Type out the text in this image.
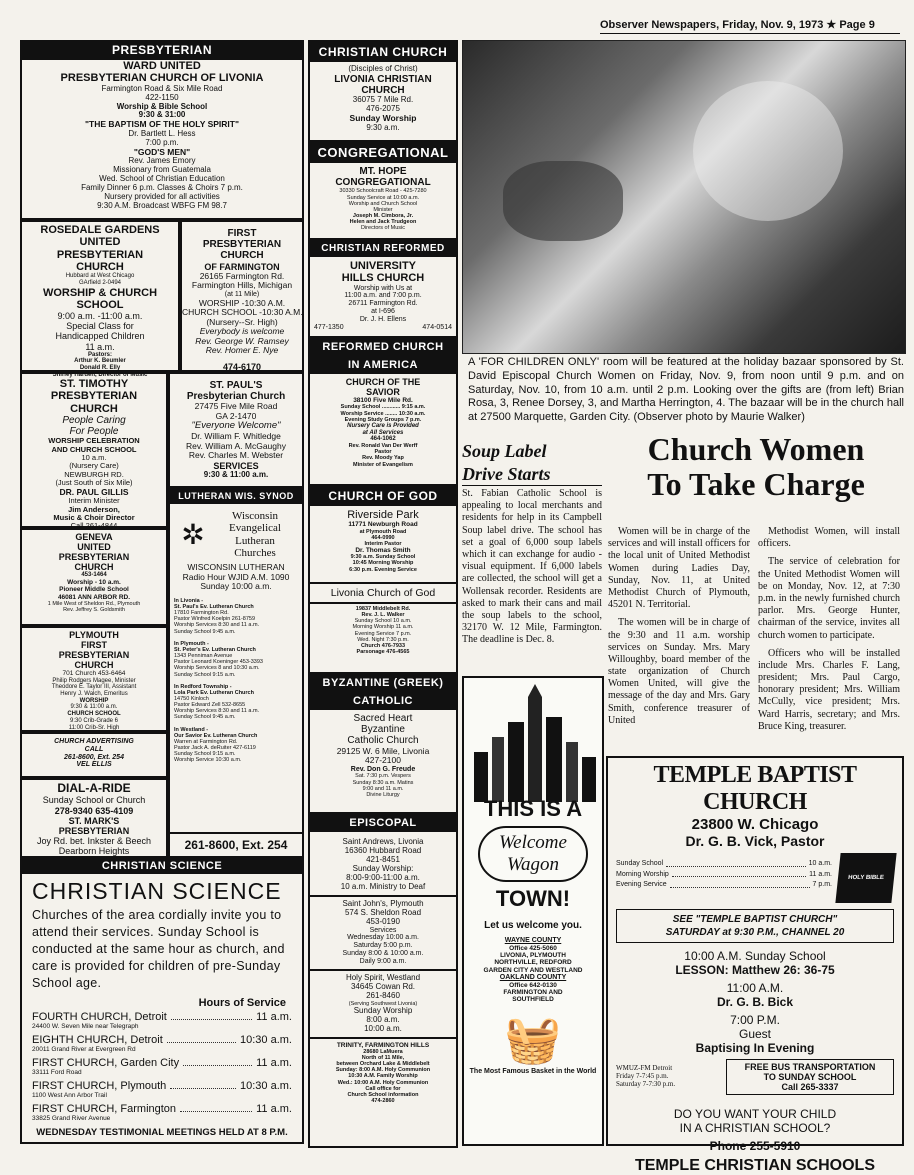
Observer Newspapers, Friday, Nov. 9, 1973 ★ Page 9
PRESBYTERIAN
WARD UNITED
PRESBYTERIAN CHURCH OF LIVONIA
Farmington Road & Six Mile Road
422-1150
Worship & Bible School
9:30 & 31:00
"THE BAPTISM OF THE HOLY SPIRIT"
Dr. Bartlett L. Hess
7:00 p.m.
"GOD'S MEN"
Rev. James Emory
Missionary from Guatemala
Wed. School of Christian Education
Family Dinner 6 p.m. Classes & Choirs 7 p.m.
Nursery provided for all activities
9:30 A.M. Broadcast WBFG FM 98.7
ROSEDALE GARDENS
UNITED
PRESBYTERIAN
CHURCH
Hubbard at West Chicago
GArfield 2-0494
WORSHIP & CHURCH
SCHOOL
9:00 a.m. -11:00 a.m.
Special Class for
Handicapped Children
11 a.m.
Pastors:
Arthur K. Beumler
Donald R. Elly
Shirley Harden, Director of Music
FIRST
PRESBYTERIAN
CHURCH
OF FARMINGTON
26165 Farmington Rd.
Farmington Hills, Michigan
(at 11 Mile)
WORSHIP -10:30 A.M.
CHURCH SCHOOL -10:30 A.M.
(Nursery--Sr. High)
Everybody is welcome
Rev. George W. Ramsey
Rev. Homer E. Nye
474-6170
ST. TIMOTHY
PRESBYTERIAN
CHURCH
People Caring
For People
WORSHIP CELEBRATION
AND CHURCH SCHOOL
10 a.m.
(Nursery Care)
NEWBURGH RD.
(Just South of Six Mile)
DR. PAUL GILLIS
Interim Minister
Jim Anderson,
Music & Choir Director
Call 261-4844
ST. PAUL'S
Presbyterian Church
27475 Five Mile Road
GA 2-1470
"Everyone Welcome"
Dr. William F. Whitledge
Rev. William A. McGaughy
Rev. Charles M. Webster
SERVICES
9:30 & 11:00 a.m.
GENEVA
UNITED
PRESBYTERIAN
CHURCH
453-1464
Worship - 10 a.m.
Pioneer Middle School
46081 ANN ARBOR RD.
1 Mile West of Sheldon Rd., Plymouth
Rev. Jeffrey S. Goldsmith
PLYMOUTH
FIRST
PRESBYTERIAN
CHURCH
701 Church 453-6464
Philip Rodgers Magee, Minister
Theodore E. Taylor III, Assistant
Henry J. Walch, Emeritus
WORSHIP
9:30 & 11:00 a.m.
CHURCH SCHOOL
9:30 Crib-Grade 6
11:00 Crib-Sr. High
CHURCH ADVERTISING
CALL
261-8600, Ext. 254
VEL ELLIS
DIAL-A-RIDE
Sunday School or Church
278-9340 635-4109
ST. MARK'S
PRESBYTERIAN
Joy Rd. bet. Inkster & Beech
Dearborn Heights
LUTHERAN WIS. SYNOD
✲
Wisconsin
Evangelical
Lutheran
Churches
WISCONSIN LUTHERAN
Radio Hour WJID A.M. 1090
Sunday 10:00 a.m.
In Livonia -
St. Paul's Ev. Lutheran Church
17810 Farmington Rd.
Pastor Winfred Koelpin 261-8759
Worship Services 8:30 and 11 a.m.
Sunday School 9:45 a.m.
In Plymouth -
St. Peter's Ev. Lutheran Church
1343 Penniman Avenue
Pastor Leonard Koeninger 453-3393
Worship Services 8 and 10:30 a.m.
Sunday School 9:15 a.m.
In Redford Township -
Lola Park Ev. Lutheran Church
14750 Kinloch
Pastor Edward Zell 532-8655
Worship Services 8:30 and 11 a.m.
Sunday School 9:45 a.m.
In Westland -
Our Savior Ev. Lutheran Church
Warren at Farmington Rd.
Pastor Jack A. deRuiter 427-6119
Sunday School 9:15 a.m.
Worship Service 10:30 a.m.
261-8600, Ext. 254
CHRISTIAN SCIENCE
CHRISTIAN SCIENCE
Churches of the area cordially invite you to attend their services. Sunday School is conducted at the same hour as church, and care is provided for children of pre-Sunday School age.
Hours of Service
FOURTH CHURCH, Detroit	11 a.m.
24400 W. Seven Mile near Telegraph
EIGHTH CHURCH, Detroit	10:30 a.m.
20011 Grand River at Evergreen Rd
FIRST CHURCH, Garden City	11 a.m.
33111 Ford Road
FIRST CHURCH, Plymouth	10:30 a.m.
1100 West Ann Arbor Trail
FIRST CHURCH, Farmington	11 a.m.
33825 Grand River Avenue
WEDNESDAY TESTIMONIAL MEETINGS HELD AT 8 P.M.
CHRISTIAN CHURCH
(Disciples of Christ)
LIVONIA CHRISTIAN
CHURCH
36075 7 Mile Rd.
476-2075
Sunday Worship
9:30 a.m.
CONGREGATIONAL
MT. HOPE
CONGREGATIONAL
30330 Schoolcraft Road - 425-7280
Sunday Service at 10:00 a.m.
Worship and Church School
Minister
Joseph M. Cimbora, Jr.
Helen and Jack Trudgeon
Directors of Music
CHRISTIAN REFORMED
UNIVERSITY
HILLS CHURCH
Worship with Us at
11:00 a.m. and 7:00 p.m.
26711 Farmington Rd.
at I-696
Dr. J. H. Ellens
477-1350	474-0514
REFORMED CHURCH
IN AMERICA
CHURCH OF THE
SAVIOR
38100 Five Mile Rd.
Sunday School ............ 9:15 a.m.
Worship Service ........ 10:30 a.m.
Evening Study Groups 7 p.m.
Nursery Care is Provided
at All Services
464-1062
Rev. Ronald Van Der Werff
Pastor
Rev. Moody Yap
Minister of Evangelism
CHURCH OF GOD
Riverside Park
11771 Newburgh Road
at Plymouth Road
464-0990
Interim Pastor
Dr. Thomas Smith
9:30 a.m. Sunday School
10:45 Morning Worship
6:30 p.m. Evening Service
Livonia Church of God
19837 Middlebelt Rd.
Rev. J. L. Walker
Sunday School 10 a.m.
Morning Worship 11 a.m.
Evening Service 7 p.m.
Wed. Night 7:30 p.m.
Church 476-7933
Parsonage 476-4565
BYZANTINE (GREEK)
CATHOLIC
Sacred Heart
Byzantine
Catholic Church
29125 W. 6 Mile, Livonia
427-2100
Rev. Don G. Freude
Sat. 7:30 p.m. Vespers
Sunday 8:30 a.m. Matins
9:00 and 11 a.m.
Divine Liturgy
EPISCOPAL
Saint Andrews, Livonia
16360 Hubbard Road
421-8451
Sunday Worship:
8:00-9:00-11:00 a.m.
10 a.m. Ministry to Deaf
Saint John's, Plymouth
574 S. Sheldon Road
453-0190
Services
Wednesday 10:00 a.m.
Saturday 5:00 p.m.
Sunday 8:00 & 10:00 a.m.
Daily 9:00 a.m.
Holy Spirit, Westland
34645 Cowan Rd.
261-8460
(Serving Southwest Livonia)
Sunday Worship
8:00 a.m.
10:00 a.m.
TRINITY, FARMINGTON HILLS
28680 LaMuera
North of 11 Mile,
between Orchard Lake & Middlebelt
Sunday: 8:00 A.M. Holy Communion
10:30 A.M. Family Worship
Wed.: 10:00 A.M. Holy Communion
Call office for
Church School information
474-2860
A 'FOR CHILDREN ONLY' room will be featured at the holiday bazaar sponsored by St. David Episcopal Church Women on Friday, Nov. 9, from noon until 9 p.m. and on Saturday, Nov. 10, from 10 a.m. until 2 p.m. Looking over the gifts are (from left) Brian Rosa, 3, Renee Dorsey, 3, and Martha Herrington, 4. The bazaar will be in the church hall at 27500 Marquette, Garden City. (Observer photo by Maurie Walker)
Soup Label
Drive Starts
St. Fabian Catholic School is appealing to local merchants and residents for help in its Campbell Soup label drive. The school has set a goal of 6,000 soup labels which it can exchange for audio - visual equipment. If 6,000 labels are collected, the school will get a Wollensak recorder. Residents are asked to mark their cans and mail the soup labels to the school, 32170 W. 12 Mile, Farmington. The deadline is Dec. 8.
Church Women
To Take Charge

Women will be in charge of the services and will install officers for the local unit of United Methodist Women during Ladies Day, Sunday, Nov. 11, at United Methodist Church of Plymouth, 45201 N. Territorial.

The women will be in charge of the 9:30 and 11 a.m. worship services on Sunday. Mrs. Mary Willoughby, board member of the state organization of Church Women United, will give the message of the day and Mrs. Gary Smith, conference treasurer of United

Methodist Women, will install officers.

The service of celebration for the United Methodist Women will be on Monday, Nov. 12, at 7:30 p.m. in the newly furnished church parlor. Mrs. George Hunter, chairman of the service, invites all church women to participate.

Officers who will be installed include Mrs. Charles F. Lang, president; Mrs. Paul Cargo, honorary president; Mrs. William McCully, vice president; Mrs. Ward Harris, secretary; and Mrs. Bruce King, treasurer.

THIS IS A
Welcome Wagon
TOWN!
Let us welcome you.
WAYNE COUNTY
Office 425-5060
LIVONIA, PLYMOUTH
NORTHVILLE, REDFORD
GARDEN CITY AND WESTLAND
OAKLAND COUNTY
Office 642-0130
FARMINGTON AND
SOUTHFIELD
🧺
The Most Famous Basket in the World
TEMPLE BAPTIST CHURCH
23800 W. Chicago
Dr. G. B. Vick, Pastor
Sunday School	10 a.m.
Morning Worship	11 a.m.
Evening Service	7 p.m.
HOLY BIBLE
SEE "TEMPLE BAPTIST CHURCH"
SATURDAY at 9:30 P.M., CHANNEL 20
10:00 A.M. Sunday School
LESSON: Matthew 26: 36-75
11:00 A.M.
Dr. G. B. Bick
7:00 P.M.
Guest
Baptising In Evening
WMUZ-FM Detroit
Friday 7-7:45 p.m.
Saturday 7-7:30 p.m.
FREE BUS TRANSPORTATION
TO SUNDAY SCHOOL
Call 265-3337
DO YOU WANT YOUR CHILD
IN A CHRISTIAN SCHOOL?
Phone 255-5910
TEMPLE CHRISTIAN SCHOOLS
